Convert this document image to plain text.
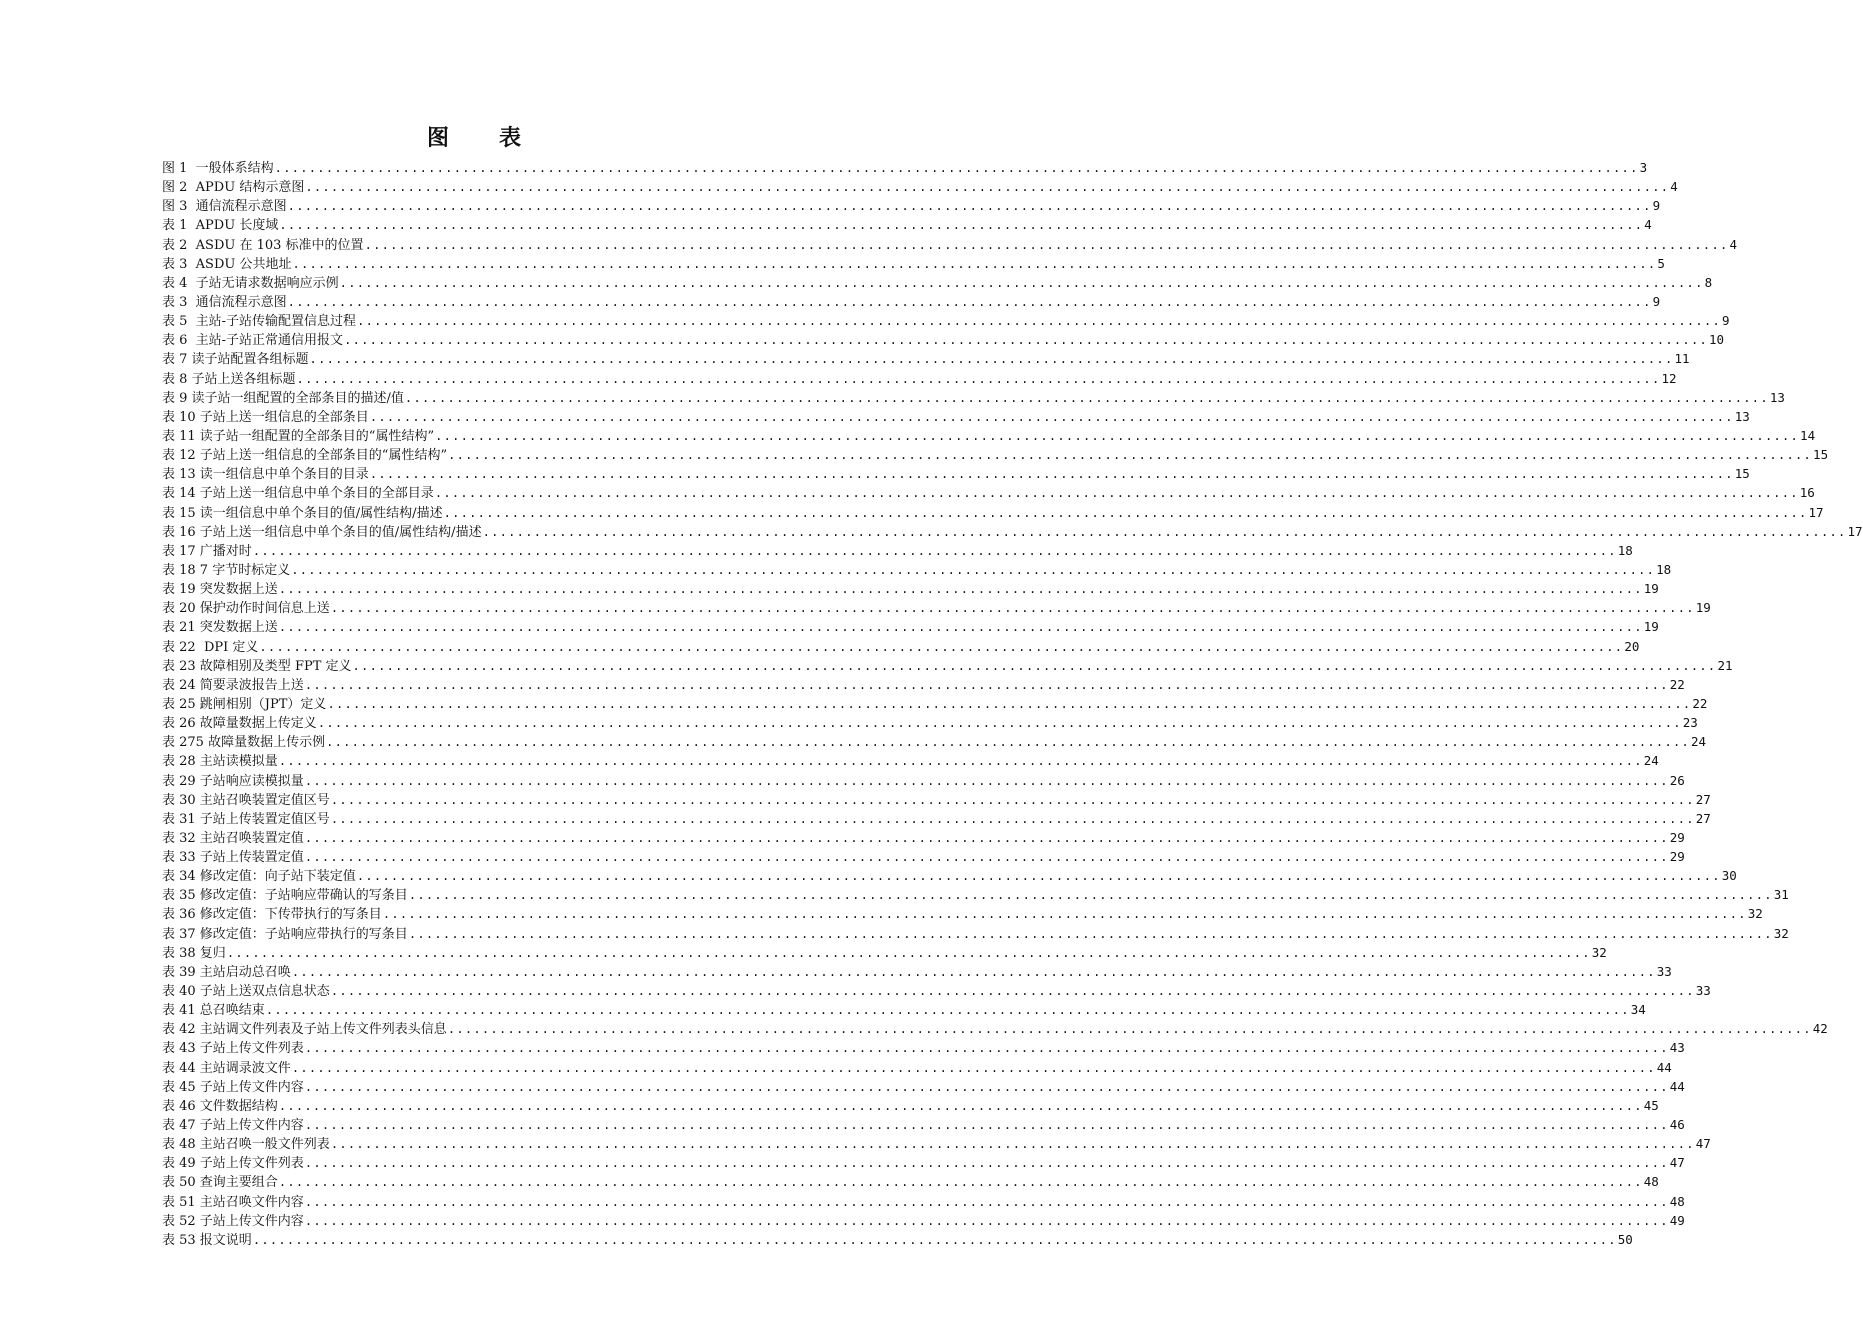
图 表
图 1  一般体系结构 ................................................................................................................................................................ 3
图 2  APDU 结构示意图 ................................................................................................................................................................ 4
图 3  通信流程示意图 ................................................................................................................................................................ 9
表 1  APDU 长度域 ................................................................................................................................................................ 4
表 2  ASDU 在 103 标准中的位置 ................................................................................................................................................................ 4
表 3  ASDU 公共地址 ................................................................................................................................................................ 5
表 4  子站无请求数据响应示例 ................................................................................................................................................................ 8
表 3  通信流程示意图 ................................................................................................................................................................ 9
表 5  主站-子站传输配置信息过程 ................................................................................................................................................................ 9
表 6  主站-子站正常通信用报文 ................................................................................................................................................................ 10
表 7 读子站配置各组标题 ................................................................................................................................................................ 11
表 8 子站上送各组标题 ................................................................................................................................................................ 12
表 9 读子站一组配置的全部条目的描述/值 ................................................................................................................................................................ 13
表 10 子站上送一组信息的全部条目 ................................................................................................................................................................ 13
表 11 读子站一组配置的全部条目的“属性结构” ................................................................................................................................................................ 14
表 12 子站上送一组信息的全部条目的“属性结构” ................................................................................................................................................................ 15
表 13 读一组信息中单个条目的目录 ................................................................................................................................................................ 15
表 14 子站上送一组信息中单个条目的全部目录 ................................................................................................................................................................ 16
表 15 读一组信息中单个条目的值/属性结构/描述 ................................................................................................................................................................ 17
表 16 子站上送一组信息中单个条目的值/属性结构/描述 ................................................................................................................................................................ 17
表 17 广播对时 ................................................................................................................................................................ 18
表 18 7 字节时标定义 ................................................................................................................................................................ 18
表 19 突发数据上送 ................................................................................................................................................................ 19
表 20 保护动作时间信息上送 ................................................................................................................................................................ 19
表 21 突发数据上送 ................................................................................................................................................................ 19
表 22  DPI 定义 ................................................................................................................................................................ 20
表 23 故障相别及类型 FPT 定义 ................................................................................................................................................................ 21
表 24 简要录波报告上送 ................................................................................................................................................................ 22
表 25 跳闸相别（JPT）定义 ................................................................................................................................................................ 22
表 26 故障量数据上传定义 ................................................................................................................................................................ 23
表 275 故障量数据上传示例 ................................................................................................................................................................ 24
表 28 主站读模拟量 ................................................................................................................................................................ 24
表 29 子站响应读模拟量 ................................................................................................................................................................ 26
表 30 主站召唤装置定值区号 ................................................................................................................................................................ 27
表 31 子站上传装置定值区号 ................................................................................................................................................................ 27
表 32 主站召唤装置定值 ................................................................................................................................................................ 29
表 33 子站上传装置定值 ................................................................................................................................................................ 29
表 34 修改定值：向子站下装定值 ................................................................................................................................................................ 30
表 35 修改定值：子站响应带确认的写条目 ................................................................................................................................................................ 31
表 36 修改定值：下传带执行的写条目 ................................................................................................................................................................ 32
表 37 修改定值：子站响应带执行的写条目 ................................................................................................................................................................ 32
表 38 复归 ................................................................................................................................................................ 32
表 39 主站启动总召唤 ................................................................................................................................................................ 33
表 40 子站上送双点信息状态 ................................................................................................................................................................ 33
表 41 总召唤结束 ................................................................................................................................................................ 34
表 42 主站调文件列表及子站上传文件列表头信息 ................................................................................................................................................................ 42
表 43 子站上传文件列表 ................................................................................................................................................................ 43
表 44 主站调录波文件 ................................................................................................................................................................ 44
表 45 子站上传文件内容 ................................................................................................................................................................ 44
表 46 文件数据结构 ................................................................................................................................................................ 45
表 47 子站上传文件内容 ................................................................................................................................................................ 46
表 48 主站召唤一般文件列表 ................................................................................................................................................................ 47
表 49 子站上传文件列表 ................................................................................................................................................................ 47
表 50 查询主要组合 ................................................................................................................................................................ 48
表 51 主站召唤文件内容 ................................................................................................................................................................ 48
表 52 子站上传文件内容 ................................................................................................................................................................ 49
表 53 报文说明 ................................................................................................................................................................ 50
